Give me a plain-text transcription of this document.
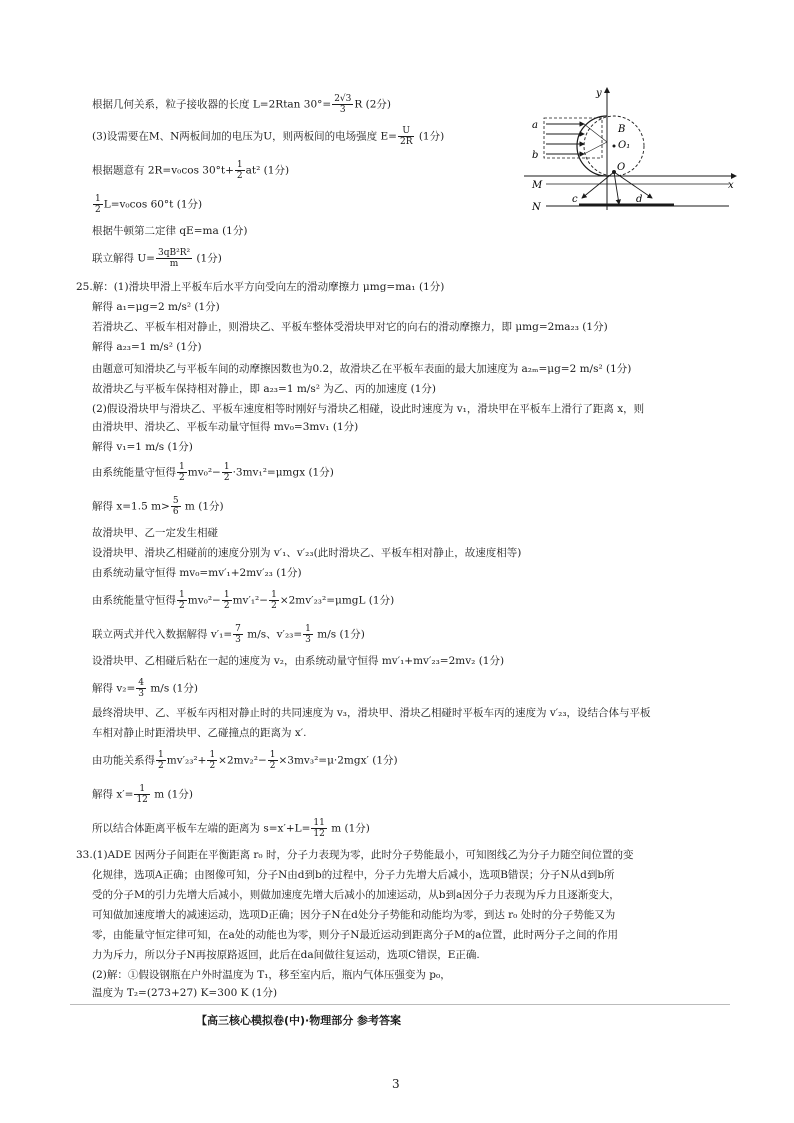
a
b
B
O₁
O
y
x
M
N
c	d
根据几何关系，粒子接收器的长度 L=2Rtan $30^\circ= \frac{2√3}{3}$ R (2分)
(3)设需要在M、N两板间加的电压为U，则两板间的电场强度 $E= \frac{U}{2R} (1$分)
根据题意有 2R=v₀cos $30^\circ t+ \frac{1}{2} at^2$ (1分)
$\frac{1}{2} L=v_0\cos$ 60°t (1分)
根据牛顿第二定律 qE=ma (1分)
联立解得 $U= \frac{\text{3qB²R²}}{m} (1$分)
25.解：(1)滑块甲滑上平板车后水平方向受向左的滑动摩擦力 μmg=ma₁ (1分)
解得 a₁=μg=2 m/s² (1分)
若滑块乙、平板车相对静止，则滑块乙、平板车整体受滑块甲对它的向右的滑动摩擦力，即 μmg=2ma₂₃ (1分)
解得 a₂₃=1 m/s² (1分)
由题意可知滑块乙与平板车间的动摩擦因数也为0.2，故滑块乙在平板车表面的最大加速度为 a₂ₘ=μg=2 m/s² (1分)
故滑块乙与平板车保持相对静止，即 a₂₃=1 m/s² 为乙、丙的加速度 (1分)
(2)假设滑块甲与滑块乙、平板车速度相等时刚好与滑块乙相碰，设此时速度为 v₁，滑块甲在平板车上滑行了距离 x，则
由滑块甲、滑块乙、平板车动量守恒得 mv₀=3mv₁ (1分)
解得 v₁=1 m/s (1分)
由系统能量守恒得 $\frac{1}{2} mv_0^2- \frac{1}{2} \cdot 3mv_1^2=\mu mgx$ (1分)
解得 x=1.5 $m> \frac{5}{6}$ m (1分)
故滑块甲、乙一定发生相碰
设滑块甲、滑块乙相碰前的速度分别为 v′₁、v′₂₃(此时滑块乙、平板车相对静止，故速度相等)
由系统动量守恒得 mv₀=mv′₁+2mv′₂₃ (1分)
由系统能量守恒得 $\frac{1}{2} mv_0^2- \frac{1}{2} mv'_1^2- \frac{1}{2} \times 2mv'_{23}^2=\mu mgL$ (1分)
联立两式并代入数据解得 $v'_1= \frac{7}{3} m/s$、$v'_{23}= \frac{1}{3} m/s$ (1分)
设滑块甲、乙相碰后粘在一起的速度为 v₂，由系统动量守恒得 mv′₁+mv′₂₃=2mv₂ (1分)
解得 $v_2= \frac{4}{3} m/s$ (1分)
最终滑块甲、乙、平板车丙相对静止时的共同速度为 v₃，滑块甲、滑块乙相碰时平板车丙的速度为 v′₂₃，设结合体与平板
车相对静止时距滑块甲、乙碰撞点的距离为 x′.
由功能关系得 $\frac{1}{2} mv'_{23}^2+ \frac{1}{2} \times 2mv_2^2- \frac{1}{2} \times 3mv_3^2=\mu\cdot 2mgx'$ (1分)
解得 $x'= \frac{1}{12}$ m (1分)
所以结合体距离平板车左端的距离为 $s=x'+L= \frac{11}{12}$ m (1分)
33.(1)ADE 因两分子间距在平衡距离 r₀ 时，分子力表现为零，此时分子势能最小，可知图线乙为分子力随空间位置的变
化规律，选项A正确；由图像可知，分子N由d到b的过程中，分子力先增大后减小，选项B错误；分子N从d到b所
受的分子M的引力先增大后减小，则做加速度先增大后减小的加速运动，从b到a因分子力表现为斥力且逐渐变大，
可知做加速度增大的减速运动，选项D正确；因分子N在d处分子势能和动能均为零，到达 r₀ 处时的分子势能又为
零，由能量守恒定律可知，在a处的动能也为零，则分子N最近运动到距离分子M的a位置，此时两分子之间的作用
力为斥力，所以分子N再按原路返回，此后在da间做往复运动，选项C错误，E正确.
(2)解：①假设钢瓶在户外时温度为 T₁，移至室内后，瓶内气体压强变为 p₀，
温度为 T₂=(273+27) K=300 K (1分)
【高三核心模拟卷(中)·物理部分 参考答案
3
